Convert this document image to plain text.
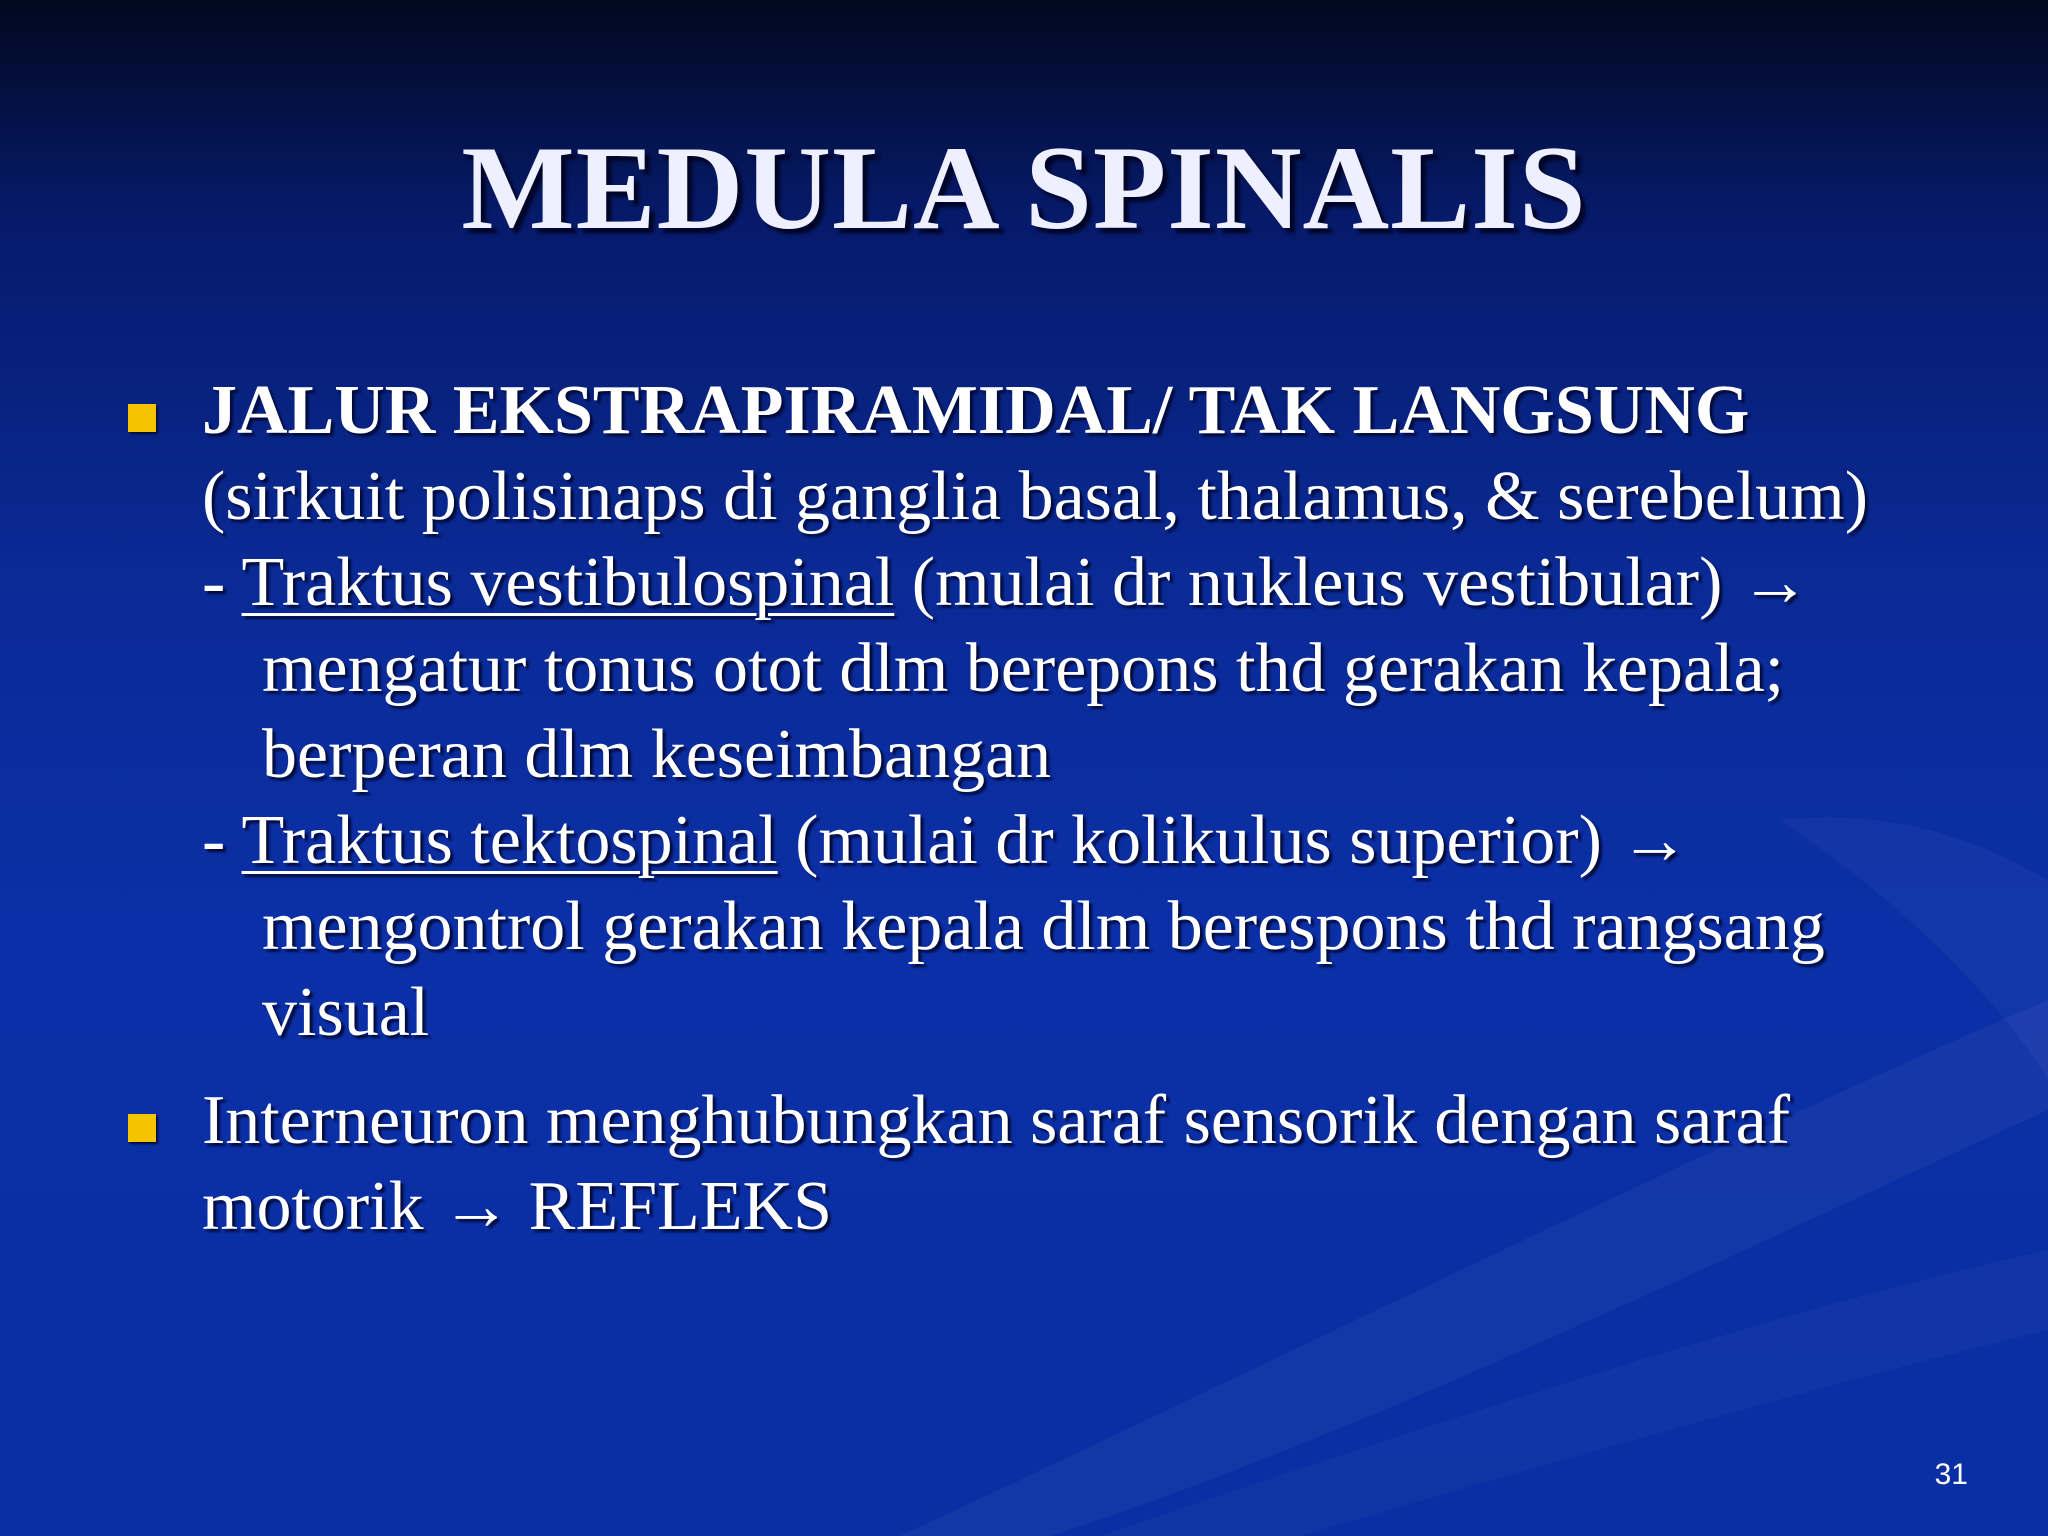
MEDULA SPINALIS
JALUR EKSTRAPIRAMIDAL/ TAK LANGSUNG (sirkuit polisinaps di ganglia basal, thalamus, & serebelum)
- Traktus vestibulospinal (mulai dr nukleus vestibular) → mengatur tonus otot dlm berepons thd gerakan kepala; berperan dlm keseimbangan
- Traktus tektospinal (mulai dr kolikulus superior) → mengontrol gerakan kepala dlm berespons thd rangsang visual
Interneuron menghubungkan saraf sensorik dengan saraf motorik → REFLEKS
31
